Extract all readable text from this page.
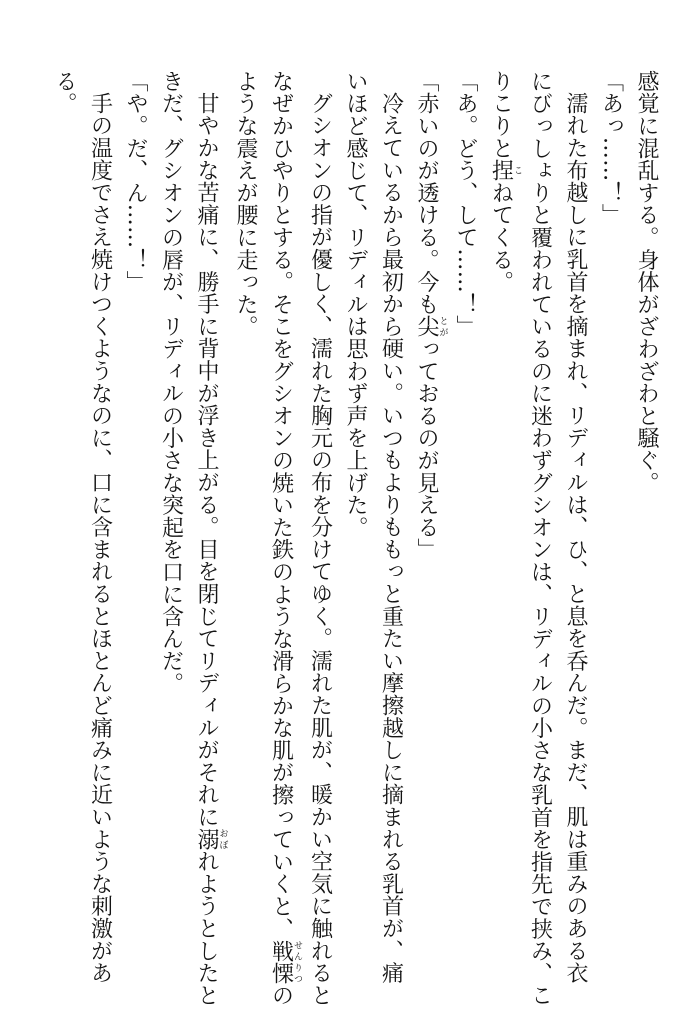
感覚に混乱する。身体がざわざわと騒ぐ。

「あっ……！」

濡れた布越しに乳首を摘まれ、リディルは、ひ、と息を呑んだ。まだ、肌は重みのある衣

にびっしょりと覆われているのに迷わずグシオンは、リディルの小さな乳首を指先で挟み、こ

りこりと捏こねてくる。

「あ。どう、して……！」

「赤いのが透ける。今も尖とがっておるのが見える」

冷えているから最初から硬い。いつもよりももっと重たい摩擦越しに摘まれる乳首が、痛

いほど感じて、リディルは思わず声を上げた。

グシオンの指が優しく、濡れた胸元の布を分けてゆく。濡れた肌が、暖かい空気に触れると

なぜかひやりとする。そこをグシオンの焼いた鉄のような滑らかな肌が擦っていくと、戦慄せんりつの

ような震えが腰に走った。

甘やかな苦痛に、勝手に背中が浮き上がる。目を閉じてリディルがそれに溺おぼれようとしたと

きだ、グシオンの唇が、リディルの小さな突起を口に含んだ。

「や。だ、ん……！」

手の温度でさえ焼けつくようなのに、口に含まれるとほとんど痛みに近いような刺激があ

る。
